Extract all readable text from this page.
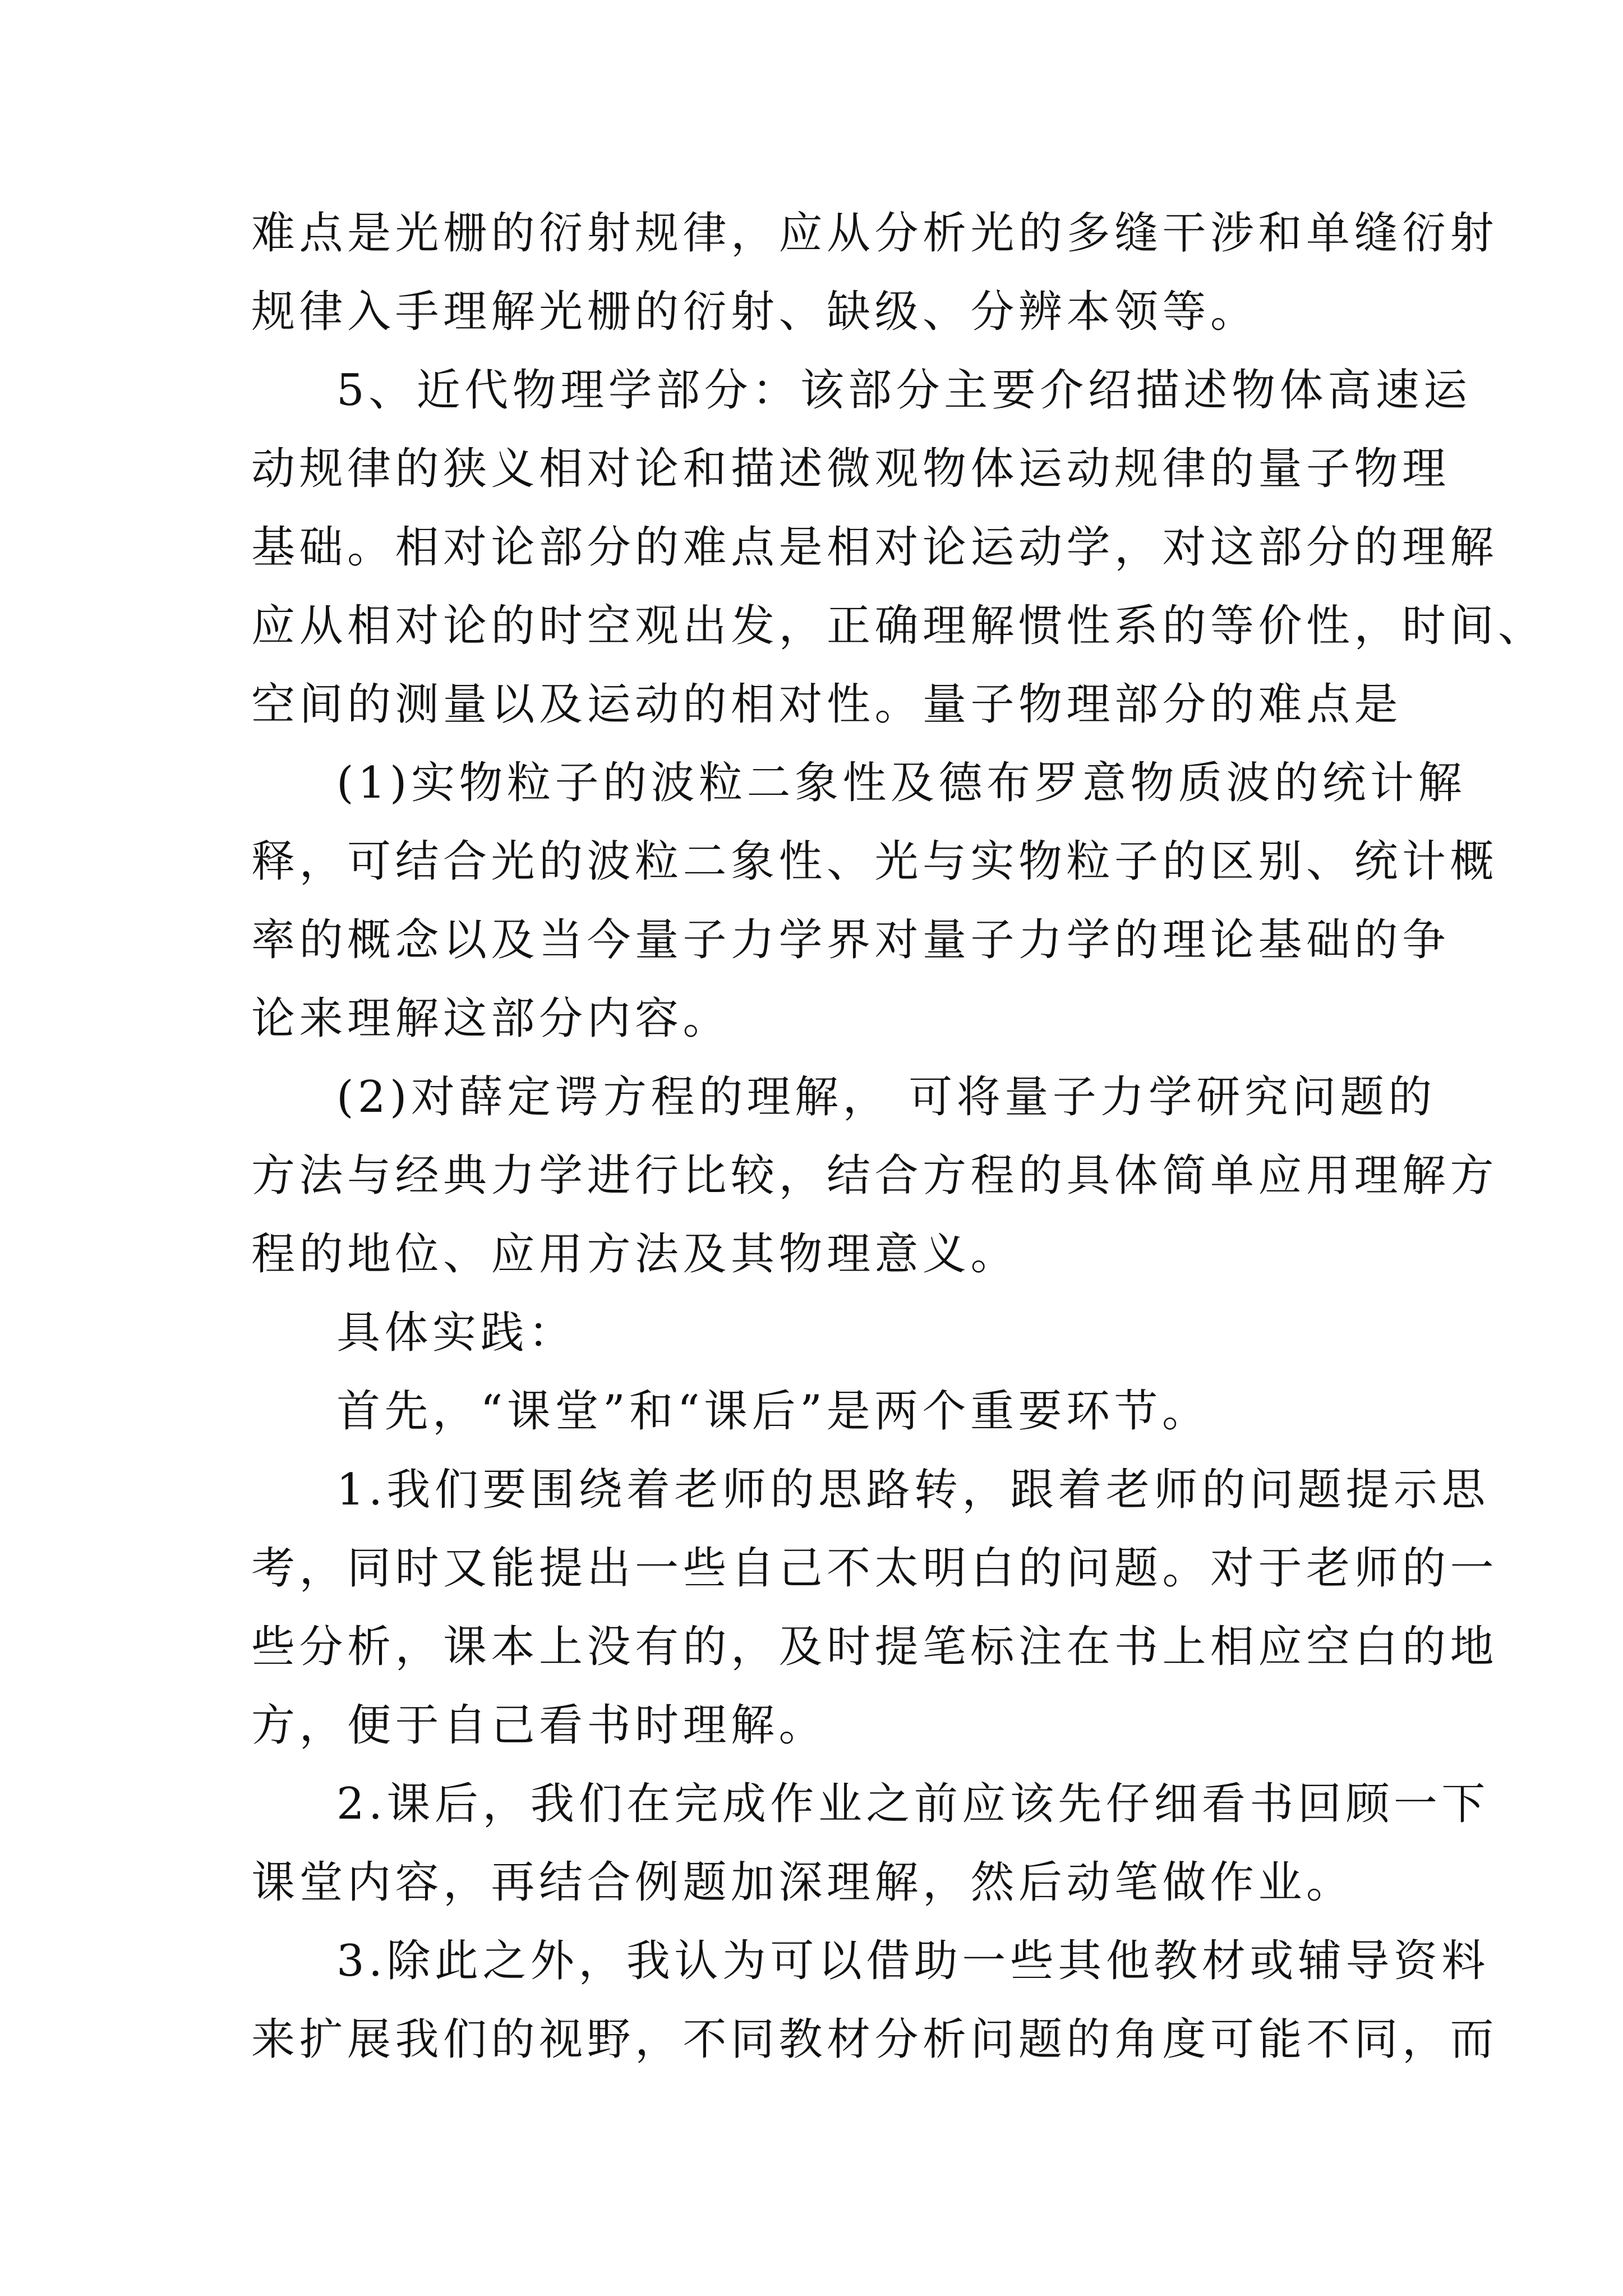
难点是光栅的衍射规律，应从分析光的多缝干涉和单缝衍射
规律入手理解光栅的衍射、缺级、分辨本领等。
5、近代物理学部分：该部分主要介绍描述物体高速运
动规律的狭义相对论和描述微观物体运动规律的量子物理
基础。相对论部分的难点是相对论运动学，对这部分的理解
应从相对论的时空观出发，正确理解惯性系的等价性，时间、
空间的测量以及运动的相对性。量子物理部分的难点是
(1)实物粒子的波粒二象性及德布罗意物质波的统计解
释，可结合光的波粒二象性、光与实物粒子的区别、统计概
率的概念以及当今量子力学界对量子力学的理论基础的争
论来理解这部分内容。
(2)对薛定谔方程的理解， 可将量子力学研究问题的
方法与经典力学进行比较，结合方程的具体简单应用理解方
程的地位、应用方法及其物理意义。
具体实践：
首先，“课堂”和“课后”是两个重要环节。
1.我们要围绕着老师的思路转，跟着老师的问题提示思
考，同时又能提出一些自己不太明白的问题。对于老师的一
些分析，课本上没有的，及时提笔标注在书上相应空白的地
方，便于自己看书时理解。
2.课后，我们在完成作业之前应该先仔细看书回顾一下
课堂内容，再结合例题加深理解，然后动笔做作业。
3.除此之外，我认为可以借助一些其他教材或辅导资料
来扩展我们的视野，不同教材分析问题的角度可能不同，而
